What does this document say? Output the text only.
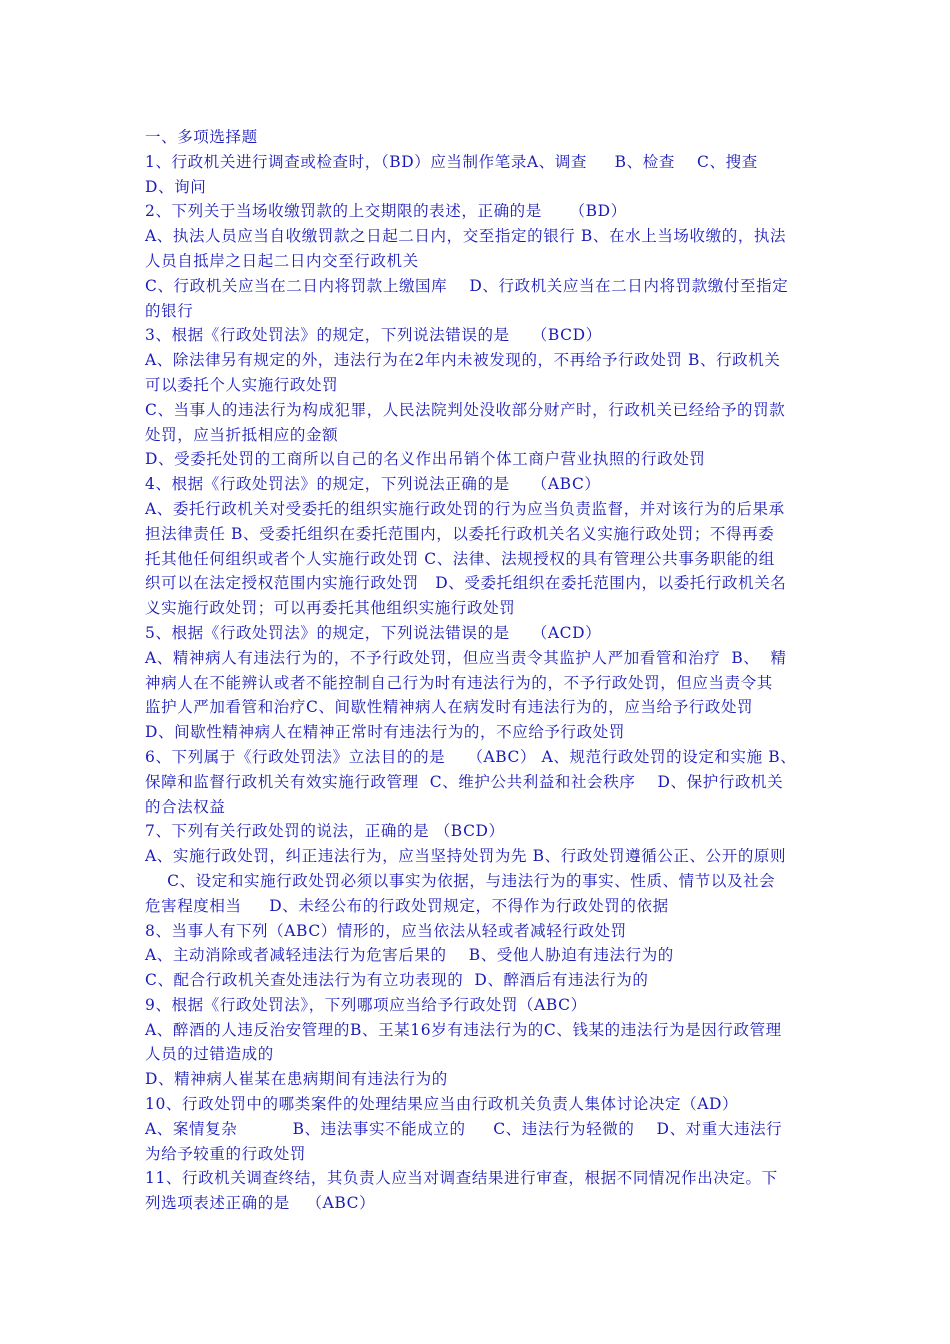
一、多项选择题
1、行政机关进行调查或检查时，（BD）应当制作笔录A、调查     B、检查    C、搜查
D、询问
2、下列关于当场收缴罚款的上交期限的表述，正确的是     （BD）
A、执法人员应当自收缴罚款之日起二日内，交至指定的银行 B、在水上当场收缴的，执法
人员自抵岸之日起二日内交至行政机关
C、行政机关应当在二日内将罚款上缴国库    D、行政机关应当在二日内将罚款缴付至指定
的银行
3、根据《行政处罚法》的规定，下列说法错误的是    （BCD）
A、除法律另有规定的外，违法行为在2年内未被发现的，不再给予行政处罚 B、行政机关
可以委托个人实施行政处罚
C、当事人的违法行为构成犯罪，人民法院判处没收部分财产时，行政机关已经给予的罚款
处罚，应当折抵相应的金额
D、受委托处罚的工商所以自己的名义作出吊销个体工商户营业执照的行政处罚
4、根据《行政处罚法》的规定，下列说法正确的是    （ABC）
A、委托行政机关对受委托的组织实施行政处罚的行为应当负责监督，并对该行为的后果承
担法律责任 B、受委托组织在委托范围内，以委托行政机关名义实施行政处罚；不得再委
托其他任何组织或者个人实施行政处罚 C、法律、法规授权的具有管理公共事务职能的组
织可以在法定授权范围内实施行政处罚   D、受委托组织在委托范围内，以委托行政机关名
义实施行政处罚；可以再委托其他组织实施行政处罚
5、根据《行政处罚法》的规定，下列说法错误的是    （ACD）
A、精神病人有违法行为的，不予行政处罚，但应当责令其监护人严加看管和治疗  B、  精
神病人在不能辨认或者不能控制自己行为时有违法行为的，不予行政处罚，但应当责令其
监护人严加看管和治疗C、间歇性精神病人在病发时有违法行为的，应当给予行政处罚
D、间歇性精神病人在精神正常时有违法行为的，不应给予行政处罚
6、下列属于《行政处罚法》立法目的的是    （ABC） A、规范行政处罚的设定和实施 B、
保障和监督行政机关有效实施行政管理  C、维护公共利益和社会秩序    D、保护行政机关
的合法权益
7、下列有关行政处罚的说法，正确的是 （BCD）
A、实施行政处罚，纠正违法行为，应当坚持处罚为先 B、行政处罚遵循公正、公开的原则
C、设定和实施行政处罚必须以事实为依据，与违法行为的事实、性质、情节以及社会
危害程度相当     D、未经公布的行政处罚规定，不得作为行政处罚的依据
8、当事人有下列（ABC）情形的，应当依法从轻或者减轻行政处罚
A、主动消除或者减轻违法行为危害后果的    B、受他人胁迫有违法行为的
C、配合行政机关查处违法行为有立功表现的  D、醉酒后有违法行为的
9、根据《行政处罚法》，下列哪项应当给予行政处罚（ABC）
A、醉酒的人违反治安管理的B、王某16岁有违法行为的C、钱某的违法行为是因行政管理
人员的过错造成的
D、精神病人崔某在患病期间有违法行为的
10、行政处罚中的哪类案件的处理结果应当由行政机关负责人集体讨论决定（AD）
A、案情复杂          B、违法事实不能成立的     C、违法行为轻微的    D、对重大违法行
为给予较重的行政处罚
11、行政机关调查终结，其负责人应当对调查结果进行审查，根据不同情况作出决定。下
列选项表述正确的是   （ABC）
